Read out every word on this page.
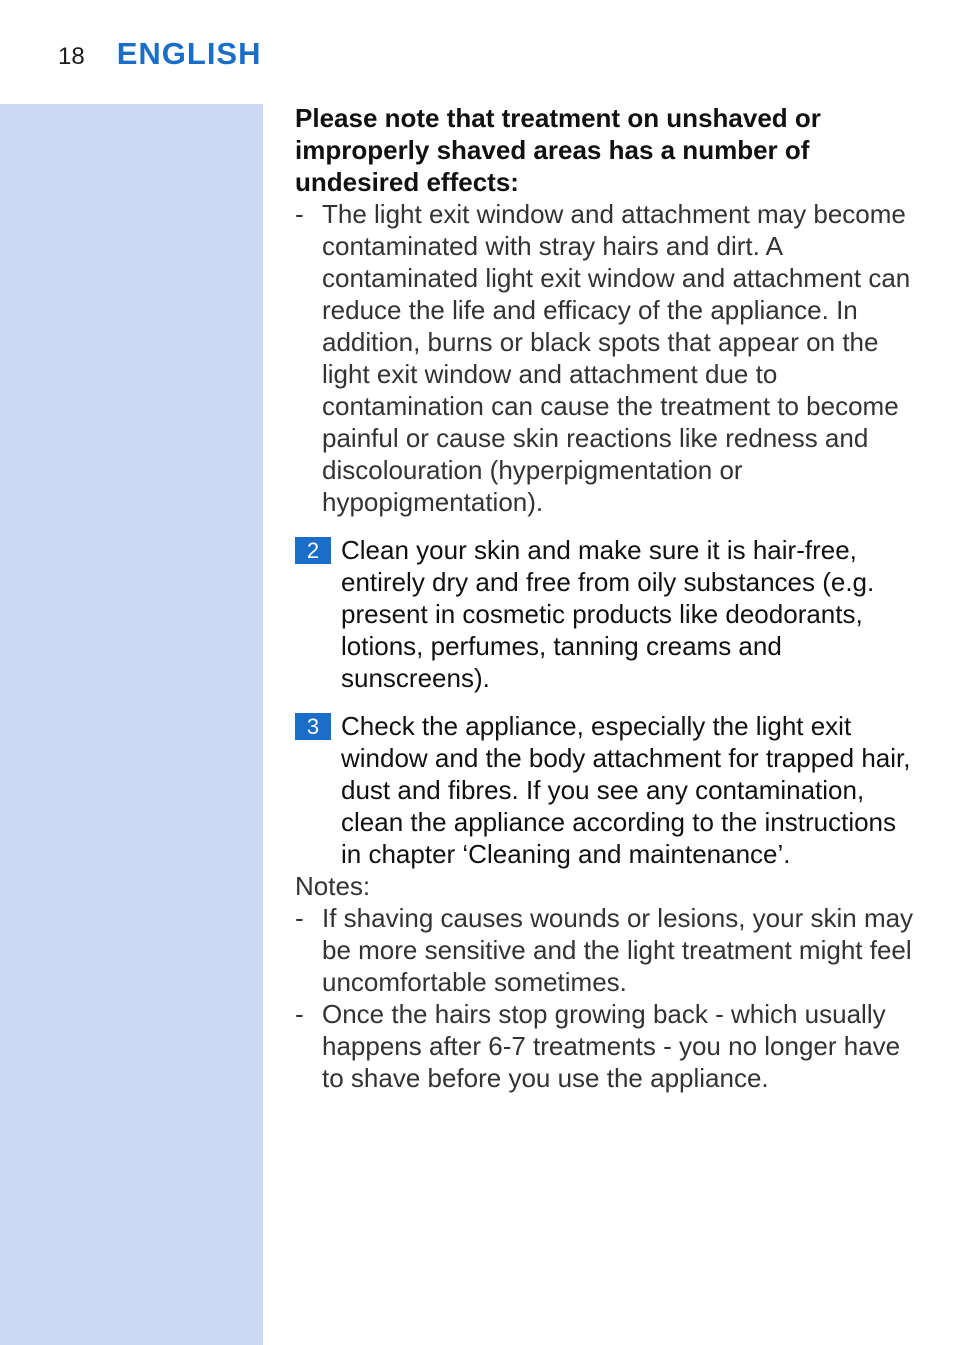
18 ENGLISH

Please note that treatment on unshaved or improperly shaved areas has a number of undesired effects:

- The light exit window and attachment may become contaminated with stray hairs and dirt. A contaminated light exit window and attachment can reduce the life and efficacy of the appliance. In addition, burns or black spots that appear on the light exit window and attachment due to contamination can cause the treatment to become painful or cause skin reactions like redness and discolouration (hyperpigmentation or hypopigmentation).

2 Clean your skin and make sure it is hair-free, entirely dry and free from oily substances (e.g. present in cosmetic products like deodorants, lotions, perfumes, tanning creams and sunscreens).

3 Check the appliance, especially the light exit window and the body attachment for trapped hair, dust and fibres. If you see any contamination, clean the appliance according to the instructions in chapter ‘Cleaning and maintenance’.

Notes:

- If shaving causes wounds or lesions, your skin may be more sensitive and the light treatment might feel uncomfortable sometimes.
- Once the hairs stop growing back - which usually happens after 6-7 treatments - you no longer have to shave before you use the appliance.
